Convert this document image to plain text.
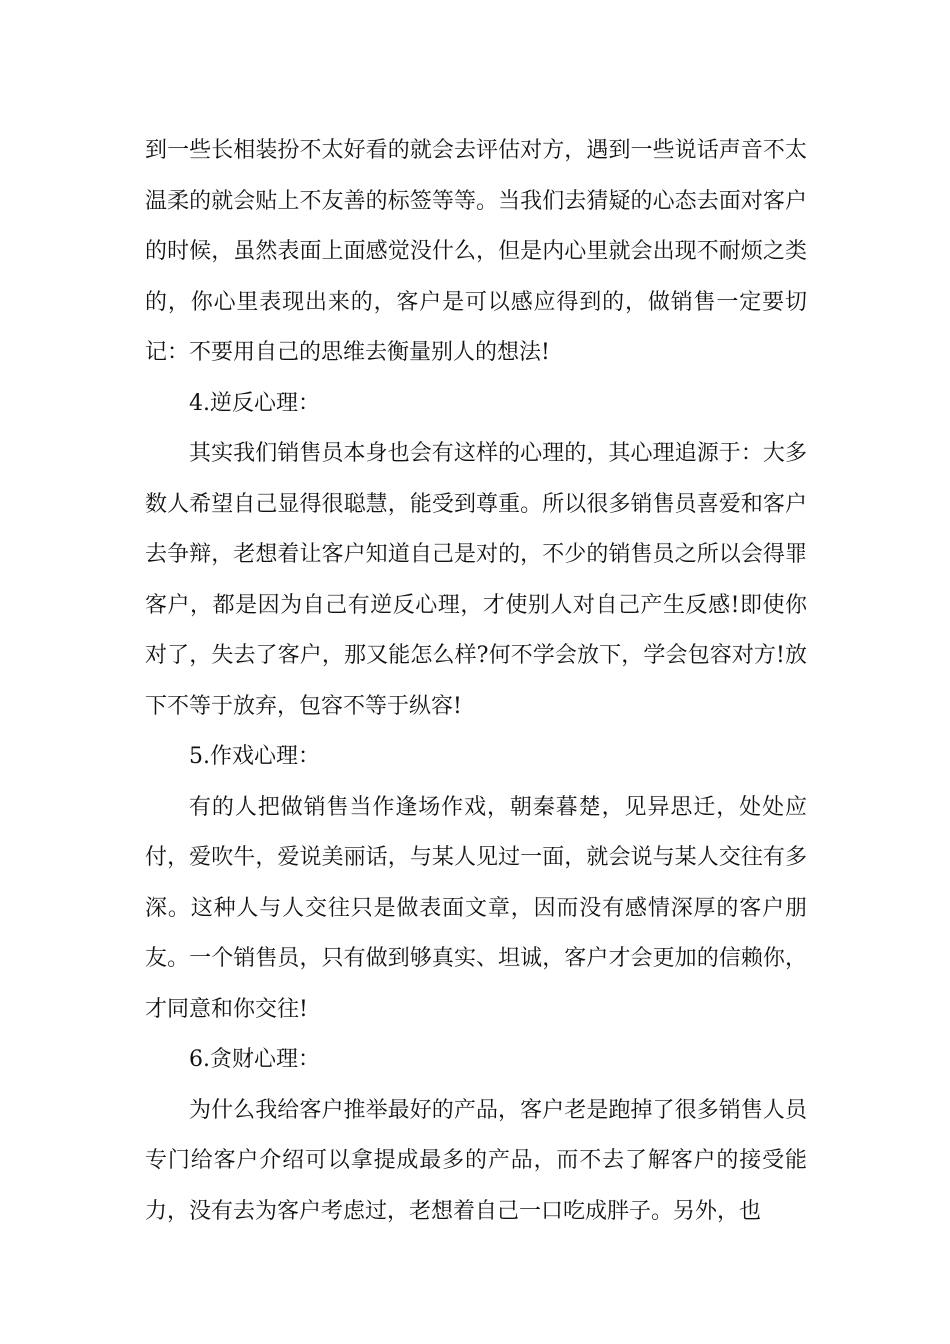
到一些长相装扮不太好看的就会去评估对方，遇到一些说话声音不太温柔的就会贴上不友善的标签等等。当我们去猜疑的心态去面对客户的时候，虽然表面上面感觉没什么，但是内心里就会出现不耐烦之类的，你心里表现出来的，客户是可以感应得到的，做销售一定要切记：不要用自己的思维去衡量别人的想法!

4.逆反心理：

其实我们销售员本身也会有这样的心理的，其心理追源于：大多数人希望自己显得很聪慧，能受到尊重。所以很多销售员喜爱和客户去争辩，老想着让客户知道自己是对的，不少的销售员之所以会得罪客户，都是因为自己有逆反心理，才使别人对自己产生反感!即使你对了，失去了客户，那又能怎么样?何不学会放下，学会包容对方!放下不等于放弃，包容不等于纵容!

5.作戏心理：

有的人把做销售当作逢场作戏，朝秦暮楚，见异思迁，处处应付，爱吹牛，爱说美丽话，与某人见过一面，就会说与某人交往有多深。这种人与人交往只是做表面文章，因而没有感情深厚的客户朋友。一个销售员，只有做到够真实、坦诚，客户才会更加的信赖你，才同意和你交往!

6.贪财心理：

为什么我给客户推举最好的产品，客户老是跑掉了很多销售人员专门给客户介绍可以拿提成最多的产品，而不去了解客户的接受能力，没有去为客户考虑过，老想着自己一口吃成胖子。另外，也
